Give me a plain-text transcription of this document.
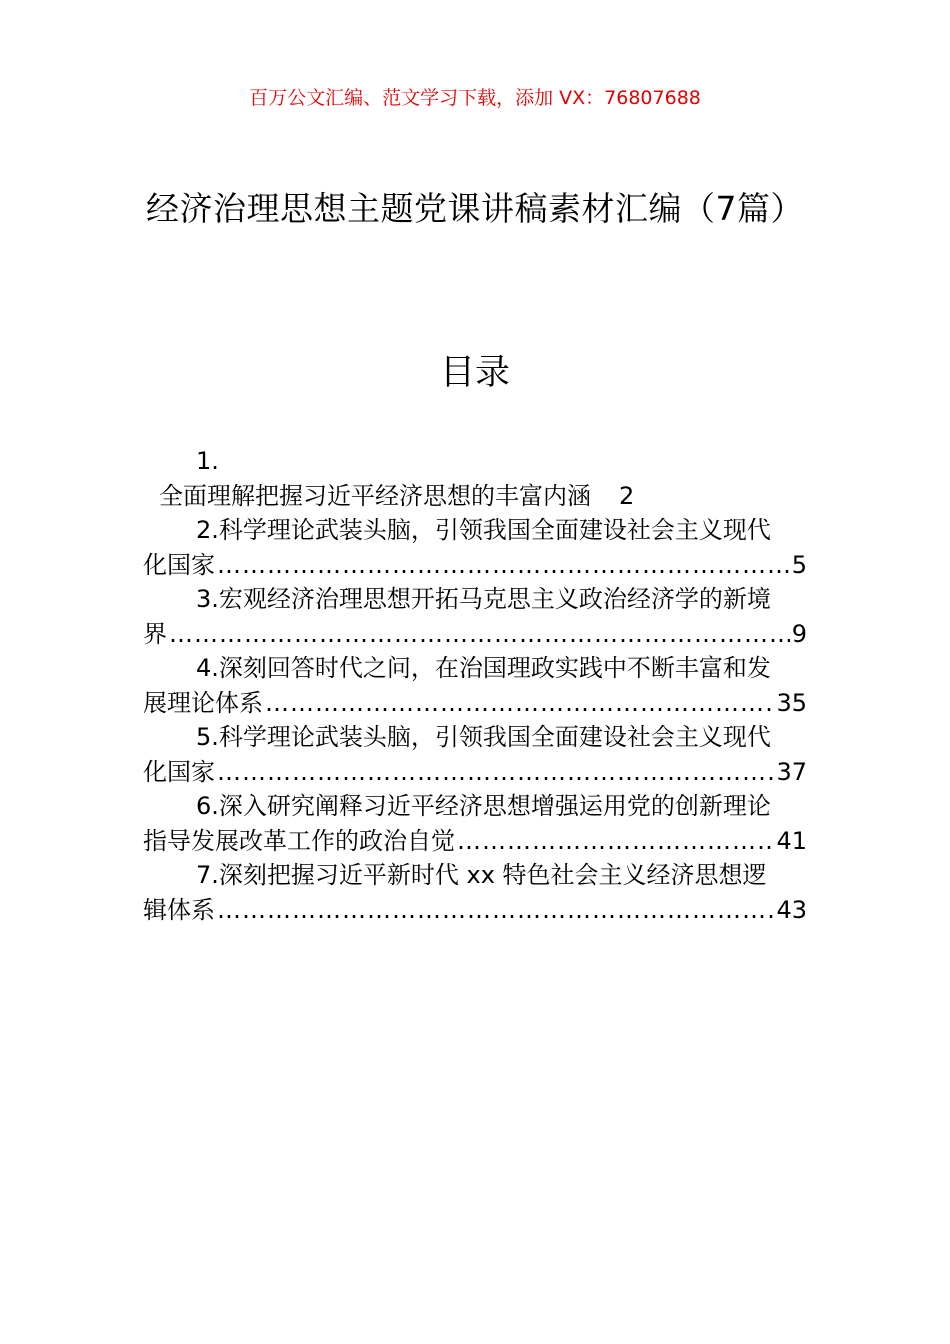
百万公文汇编、范文学习下载，添加 VX：76807688
经济治理思想主题党课讲稿素材汇编（7篇）
目录
1.
全面理解把握习近平经济思想的丰富内涵 2
2.科学理论武装头脑，引领我国全面建设社会主义现代
化国家 ………………………………………………………………………………………………………………………………	5
3.宏观经济治理思想开拓马克思主义政治经济学的新境
界 ………………………………………………………………………………………………………………………………	9
4.深刻回答时代之问，在治国理政实践中不断丰富和发
展理论体系 ………………………………………………………………………………………………………………………………	35
5.科学理论武装头脑，引领我国全面建设社会主义现代
化国家 ………………………………………………………………………………………………………………………………	37
6.深入研究阐释习近平经济思想增强运用党的创新理论
指导发展改革工作的政治自觉 ………………………………………………………………………………………………………………………………	41
7.深刻把握习近平新时代 xx 特色社会主义经济思想逻
辑体系 ………………………………………………………………………………………………………………………………	43
